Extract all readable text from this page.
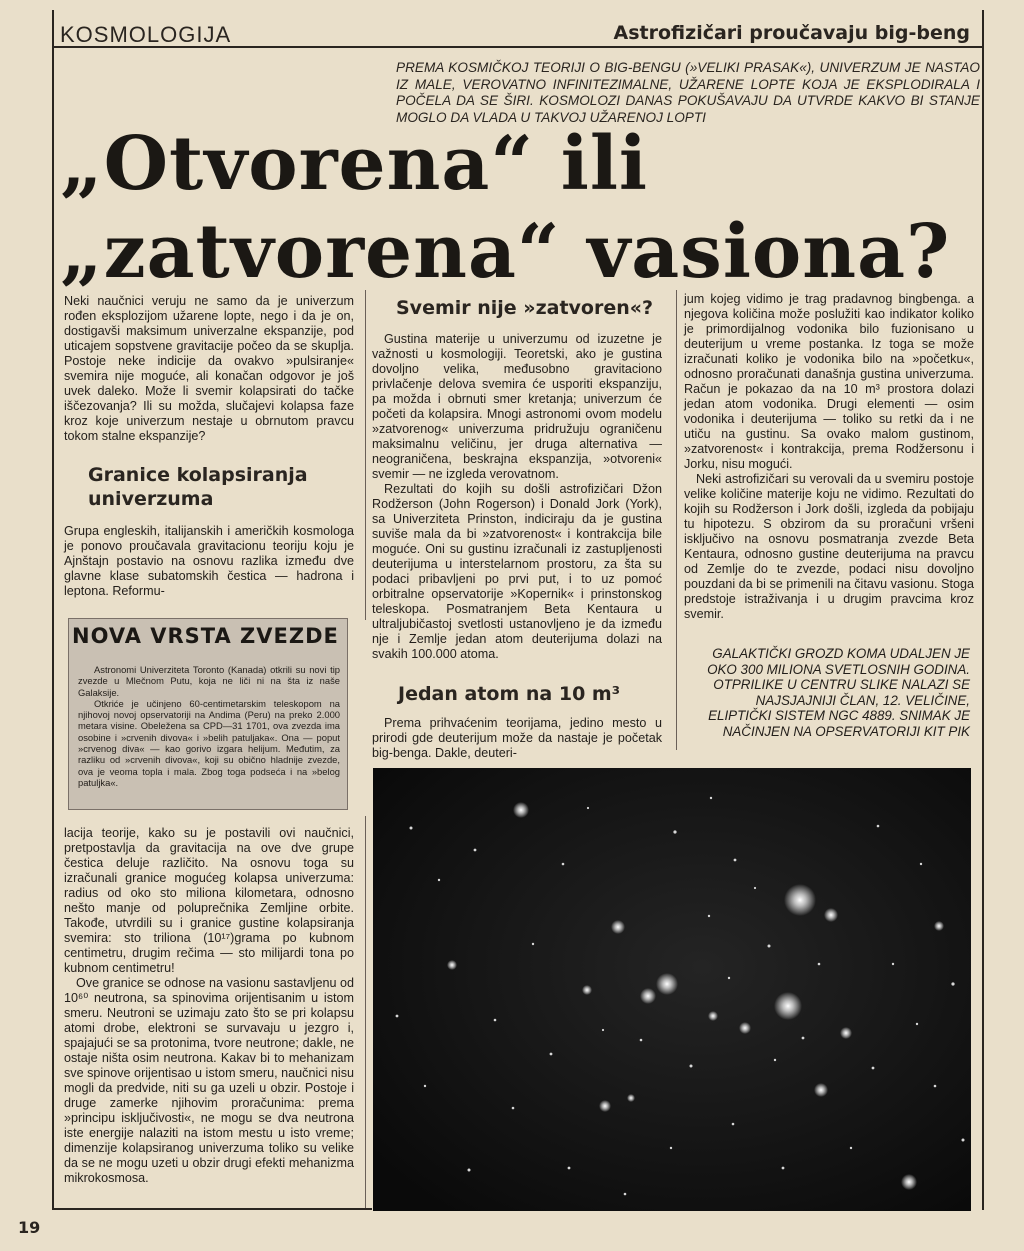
KOSMOLOGIJA	Astrofizičari proučavaju big-beng
PREMA KOSMIČKOJ TEORIJI O BIG-BENGU (»VELIKI PRASAK«), UNIVERZUM JE NASTAO IZ MALE, VEROVATNO INFINITEZIMALNE, UŽARENE LOPTE KOJA JE EKSPLODIRALA I POČELA DA SE ŠIRI. KOSMOLOZI DANAS POKUŠAVAJU DA UTVRDE KAKVO BI STANJE MOGLO DA VLADA U TAKVOJ UŽARENOJ LOPTI
„Otvorena“ ili
„zatvorena“ vasiona?

Neki naučnici veruju ne samo da je univerzum rođen eksplozijom užarene lopte, nego i da je on, dostigavši maksimum univerzalne ekspanzije, pod uticajem sopstvene gravitacije počeo da se skuplja. Postoje neke indicije da ovakvo »pulsiranje« svemira nije moguće, ali konačan odgovor je još uvek daleko. Može li svemir kolapsirati do tačke iščezovanja? Ili su možda, slučajevi kolapsa faze kroz koje univerzum nestaje u obrnutom pravcu tokom stalne ekspanzije?

Granice kolapsiranja univerzuma

Grupa engleskih, italijanskih i američkih kosmologa je ponovo proučavala gravitacionu teoriju koju je Ajnštajn postavio na osnovu razlika između dve glavne klase subatomskih čestica — hadrona i leptona. Reformu-

NOVA VRSTA ZVEZDE

Astronomi Univerziteta Toronto (Kanada) otkrili su novi tip zvezde u Mlečnom Putu, koja ne liči ni na šta iz naše Galaksije.

Otkriće je učinjeno 60-centimetarskim teleskopom na njihovoj novoj opservatoriji na Andima (Peru) na preko 2.000 metara visine. Obeležena sa CPD—31 1701, ova zvezda ima osobine i »crvenih divova« i »belih patuljaka«. Ona — poput »crvenog diva« — kao gorivo izgara helijum. Međutim, za razliku od »crvenih divova«, koji su obično hladnije zvezde, ova je veoma topla i mala. Zbog toga podseća i na »belog patuljka«.

lacija teorije, kako su je postavili ovi naučnici, pretpostavlja da gravitacija na ove dve grupe čestica deluje različito. Na osnovu toga su izračunali granice mogućeg kolapsa univerzuma: radius od oko sto miliona kilometara, odnosno nešto manje od poluprečnika Zemljine orbite. Takođe, utvrdili su i granice gustine kolapsiranja svemira: sto triliona (10¹⁷)grama po kubnom centimetru, drugim rečima — sto milijardi tona po kubnom centimetru!

Ove granice se odnose na vasionu sastavljenu od 10⁶⁰ neutrona, sa spinovima orijentisanim u istom smeru. Neutroni se uzimaju zato što se pri kolapsu atomi drobe, elektroni se survavaju u jezgro i, spajajući se sa protonima, tvore neutrone; dakle, ne ostaje ništa osim neutrona. Kakav bi to mehanizam sve spinove orijentisao u istom smeru, naučnici nisu mogli da predvide, niti su ga uzeli u obzir. Postoje i druge zamerke njihovim proračunima: prema »principu isključivosti«, ne mogu se dva neutrona iste energije nalaziti na istom mestu u isto vreme; dimenzije kolapsiranog univerzuma toliko su velike da se ne mogu uzeti u obzir drugi efekti mehanizma mikrokosmosa.

Svemir nije »zatvoren«?

Gustina materije u univerzumu od izuzetne je važnosti u kosmologiji. Teoretski, ako je gustina dovoljno velika, međusobno gravitaciono privlačenje delova svemira će usporiti ekspanziju, pa možda i obrnuti smer kretanja; univerzum će početi da kolapsira. Mnogi astronomi ovom modelu »zatvorenog« univerzuma pridružuju ograničenu maksimalnu veličinu, jer druga alternativa — neograničena, beskrajna ekspanzija, »otvoreni« svemir — ne izgleda verovatnom.

Rezultati do kojih su došli astrofizičari Džon Rodžerson (John Rogerson) i Donald Jork (York), sa Univerziteta Prinston, indiciraju da je gustina suviše mala da bi »zatvorenost« i kontrakcija bile moguće. Oni su gustinu izračunali iz zastupljenosti deuterijuma u interstelarnom prostoru, za šta su podaci pribavljeni po prvi put, i to uz pomoć orbitralne opservatorije »Kopernik« i prinstonskog teleskopa. Posmatranjem Beta Kentaura u ultraljubičastoj svetlosti ustanovljeno je da između nje i Zemlje jedan atom deuterijuma dolazi na svakih 100.000 atoma.

Jedan atom na 10 m³

Prema prihvaćenim teorijama, jedino mesto u prirodi gde deuterijum može da nastaje je početak big-benga. Dakle, deuteri-

jum kojeg vidimo je trag pradavnog bingbenga. a njegova količina može poslužiti kao indikator koliko je primordijalnog vodonika bilo fuzionisano u deuterijum u vreme postanka. Iz toga se može izračunati koliko je vodonika bilo na »početku«, odnosno proračunati današnja gustina univerzuma. Račun je pokazao da na 10 m³ prostora dolazi jedan atom vodonika. Drugi elementi — osim vodonika i deuterijuma — toliko su retki da i ne utiču na gustinu. Sa ovako malom gustinom, »zatvorenost« i kontrakcija, prema Rodžersonu i Jorku, nisu mogući.

Neki astrofizičari su verovali da u svemiru postoje velike količine materije koju ne vidimo. Rezultati do kojih su Rodžerson i Jork došli, izgleda da pobijaju tu hipotezu. S obzirom da su proračuni vršeni isključivo na osnovu posmatranja zvezde Beta Kentaura, odnosno gustine deuterijuma na pravcu od Zemlje do te zvezde, podaci nisu dovoljno pouzdani da bi se primenili na čitavu vasionu. Stoga predstoje istraživanja i u drugim pravcima kroz svemir.

GALAKTIČKI GROZD KOMA UDALJEN JE OKO 300 MILIONA SVETLOSNIH GODINA. OTPRILIKE U CENTRU SLIKE NALAZI SE NAJSJAJNIJI ČLAN, 12. VELIČINE, ELIPTIČKI SISTEM NGC 4889. SNIMAK JE NAČINJEN NA OPSERVATORIJI KIT PIK
19
